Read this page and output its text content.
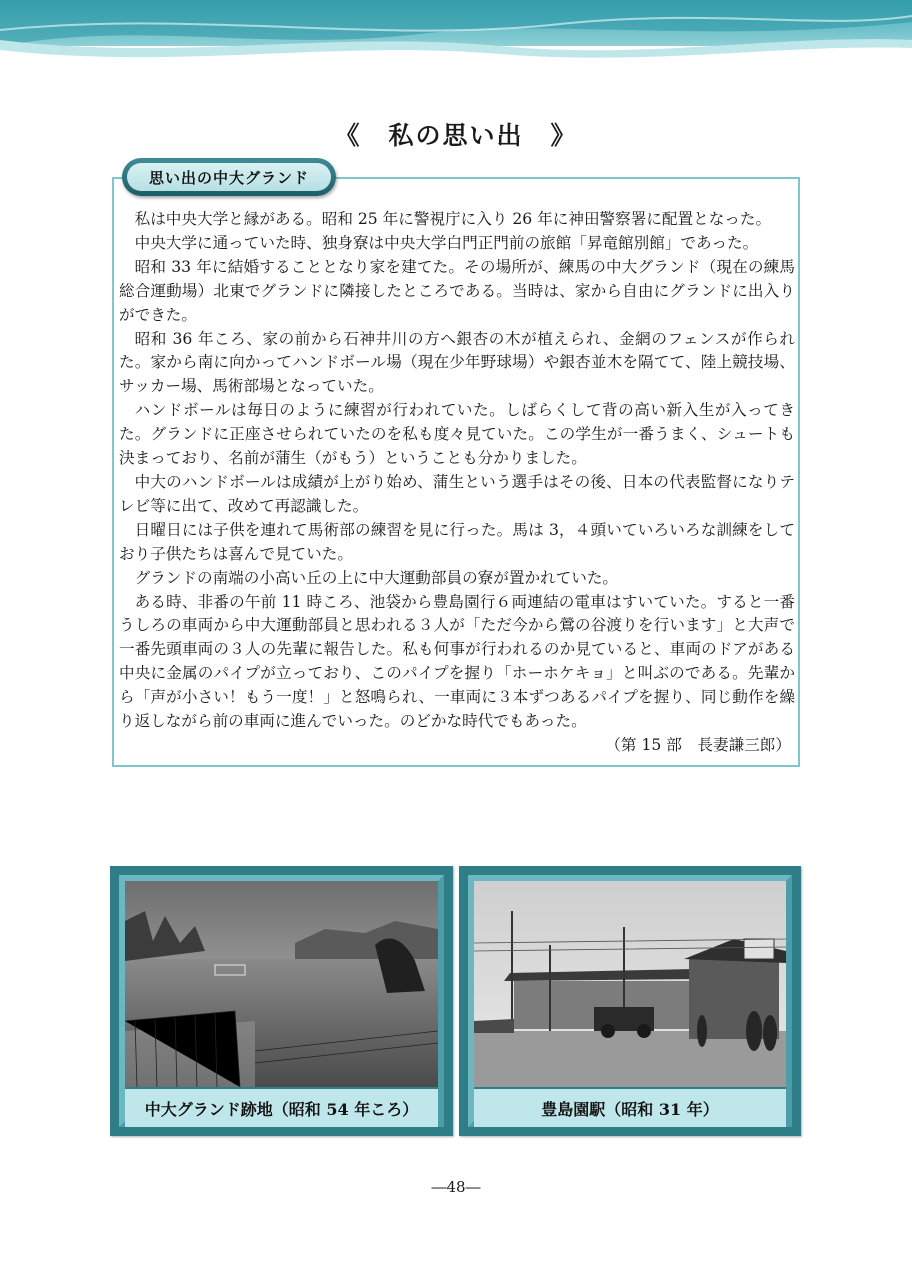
《　私の思い出　》
思い出の中大グランド

私は中央大学と縁がある。昭和 25 年に警視庁に入り 26 年に神田警察署に配置となった。

中央大学に通っていた時、独身寮は中央大学白門正門前の旅館「昇竜館別館」であった。

昭和 33 年に結婚することとなり家を建てた。その場所が、練馬の中大グランド（現在の練馬総合運動場）北東でグランドに隣接したところである。当時は、家から自由にグランドに出入りができた。

昭和 36 年ころ、家の前から石神井川の方へ銀杏の木が植えられ、金網のフェンスが作られた。家から南に向かってハンドボール場（現在少年野球場）や銀杏並木を隔てて、陸上競技場、サッカー場、馬術部場となっていた。

ハンドボールは毎日のように練習が行われていた。しばらくして背の高い新入生が入ってきた。グランドに正座させられていたのを私も度々見ていた。この学生が一番うまく、シュートも決まっており、名前が蒲生（がもう）ということも分かりました。

中大のハンドボールは成績が上がり始め、蒲生という選手はその後、日本の代表監督になりテレビ等に出て、改めて再認識した。

日曜日には子供を連れて馬術部の練習を見に行った。馬は 3，４頭いていろいろな訓練をしており子供たちは喜んで見ていた。

グランドの南端の小高い丘の上に中大運動部員の寮が置かれていた。

ある時、非番の午前 11 時ころ、池袋から豊島園行６両連結の電車はすいていた。すると一番うしろの車両から中大運動部員と思われる３人が「ただ今から鶯の谷渡りを行います」と大声で一番先頭車両の３人の先輩に報告した。私も何事が行われるのか見ていると、車両のドアがある中央に金属のパイプが立っており、このパイプを握り「ホーホケキョ」と叫ぶのである。先輩から「声が小さい！もう一度！」と怒鳴られ、一車両に３本ずつあるパイプを握り、同じ動作を繰り返しながら前の車両に進んでいった。のどかな時代でもあった。

（第 15 部　長妻謙三郎）
中大グランド跡地（昭和 54 年ころ）	豊島園駅（昭和 31 年）
―48―
